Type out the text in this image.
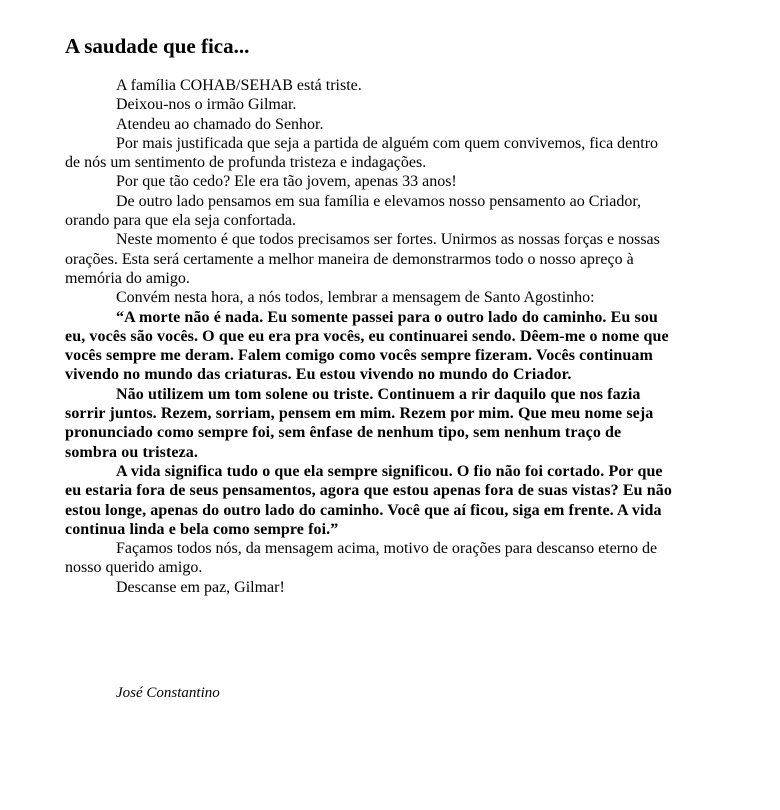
A saudade que fica...

A família COHAB/SEHAB está triste.

Deixou-nos o irmão Gilmar.

Atendeu ao chamado do Senhor.

Por mais justificada que seja a partida de alguém com quem convivemos, fica dentro de nós um sentimento de profunda tristeza e indagações.

Por que tão cedo? Ele era tão jovem, apenas 33 anos!

De outro lado pensamos em sua família e elevamos nosso pensamento ao Criador, orando para que ela seja confortada.

Neste momento é que todos precisamos ser fortes. Unirmos as nossas forças e nossas orações. Esta será certamente a melhor maneira de demonstrarmos todo o nosso apreço à memória do amigo.

Convém nesta hora, a nós todos, lembrar a mensagem de Santo Agostinho:

“A morte não é nada. Eu somente passei para o outro lado do caminho. Eu sou eu, vocês são vocês. O que eu era pra vocês, eu continuarei sendo. Dêem-me o nome que vocês sempre me deram. Falem comigo como vocês sempre fizeram. Vocês continuam vivendo no mundo das criaturas. Eu estou vivendo no mundo do Criador.

Não utilizem um tom solene ou triste. Continuem a rir daquilo que nos fazia sorrir juntos. Rezem, sorriam, pensem em mim. Rezem por mim. Que meu nome seja pronunciado como sempre foi, sem ênfase de nenhum tipo, sem nenhum traço de sombra ou tristeza.

A vida significa tudo o que ela sempre significou. O fio não foi cortado. Por que eu estaria fora de seus pensamentos, agora que estou apenas fora de suas vistas? Eu não estou longe, apenas do outro lado do caminho. Você que aí ficou, siga em frente. A vida continua linda e bela como sempre foi.”

Façamos todos nós, da mensagem acima, motivo de orações para descanso eterno de nosso querido amigo.

Descanse em paz, Gilmar!

José Constantino
